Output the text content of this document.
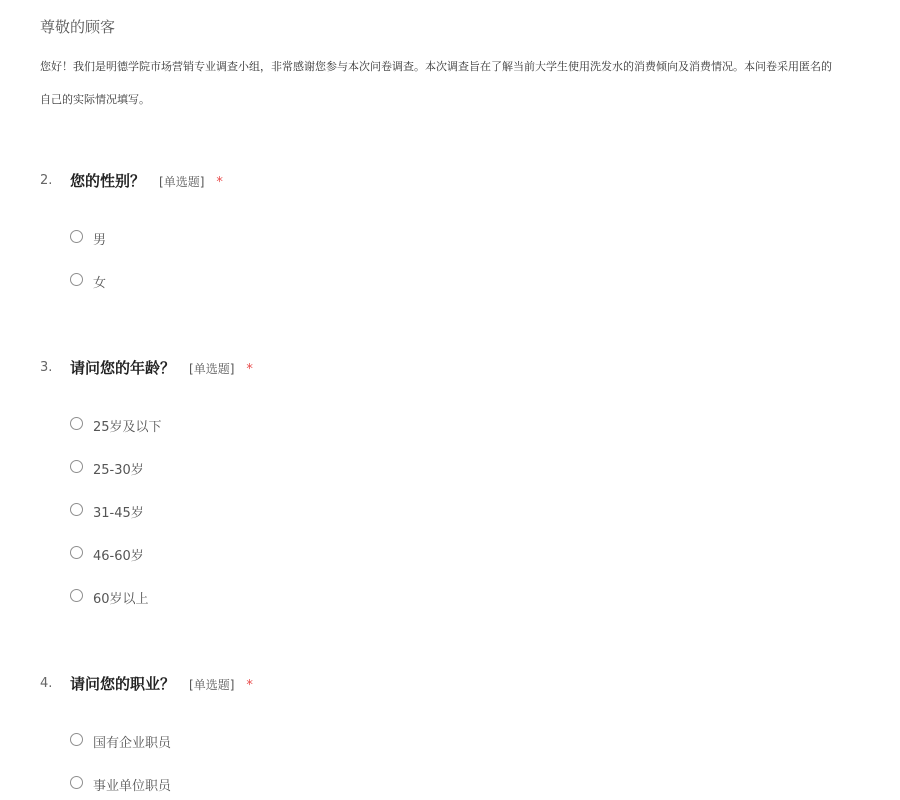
尊敬的顾客
您好！我们是明德学院市场营销专业调查小组，非常感谢您参与本次问卷调查。本次调查旨在了解当前大学生使用洗发水的消费倾向及消费情况。本问卷采用匿名的
自己的实际情况填写。
2. 您的性别？ [单选题] *
男
女
3. 请问您的年龄？ [单选题] *
25岁及以下
25-30岁
31-45岁
46-60岁
60岁以上
4. 请问您的职业？ [单选题] *
国有企业职员
事业单位职员
